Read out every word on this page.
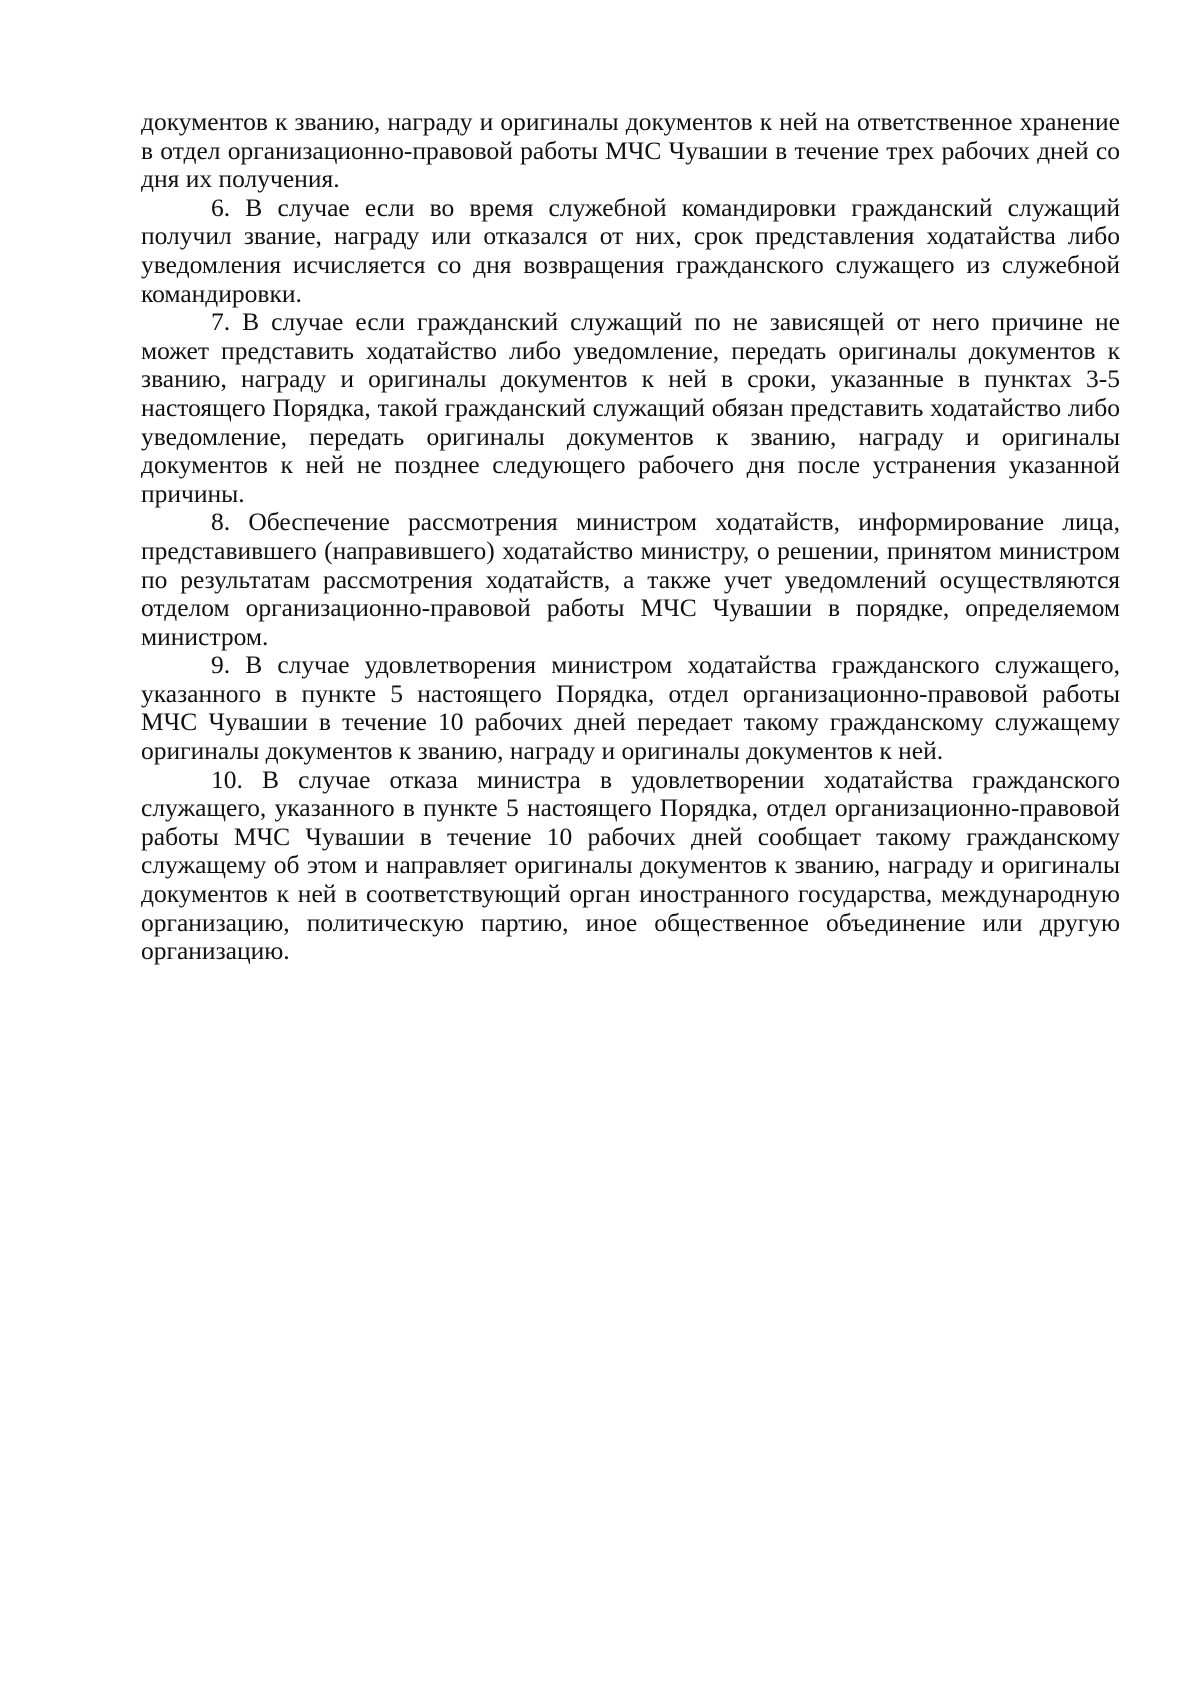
документов к званию, награду и оригиналы документов к ней на ответственное хранение в отдел организационно-правовой работы МЧС Чувашии в течение трех рабочих дней со дня их получения.

6. В случае если во время служебной командировки гражданский служащий получил звание, награду или отказался от них, срок представления ходатайства либо уведомления исчисляется со дня возвращения гражданского служащего из служебной командировки.

7. В случае если гражданский служащий по не зависящей от него причине не может представить ходатайство либо уведомление, передать оригиналы документов к званию, награду и оригиналы документов к ней в сроки, указанные в пунктах 3-5 настоящего Порядка, такой гражданский служащий обязан представить ходатайство либо уведомление, передать оригиналы документов к званию, награду и оригиналы документов к ней не позднее следующего рабочего дня после устранения указанной причины.

8. Обеспечение рассмотрения министром ходатайств, информирование лица, представившего (направившего) ходатайство министру, о решении, принятом министром по результатам рассмотрения ходатайств, а также учет уведомлений осуществляются отделом организационно-правовой работы МЧС Чувашии в порядке, определяемом министром.

9. В случае удовлетворения министром ходатайства гражданского служащего, указанного в пункте 5 настоящего Порядка, отдел организационно-правовой работы МЧС Чувашии в течение 10 рабочих дней передает такому гражданскому служащему оригиналы документов к званию, награду и оригиналы документов к ней.

10. В случае отказа министра в удовлетворении ходатайства гражданского служащего, указанного в пункте 5 настоящего Порядка, отдел организационно-правовой работы МЧС Чувашии в течение 10 рабочих дней сообщает такому гражданскому служащему об этом и направляет оригиналы документов к званию, награду и оригиналы документов к ней в соответствующий орган иностранного государства, международную организацию, политическую партию, иное общественное объединение или другую организацию.
